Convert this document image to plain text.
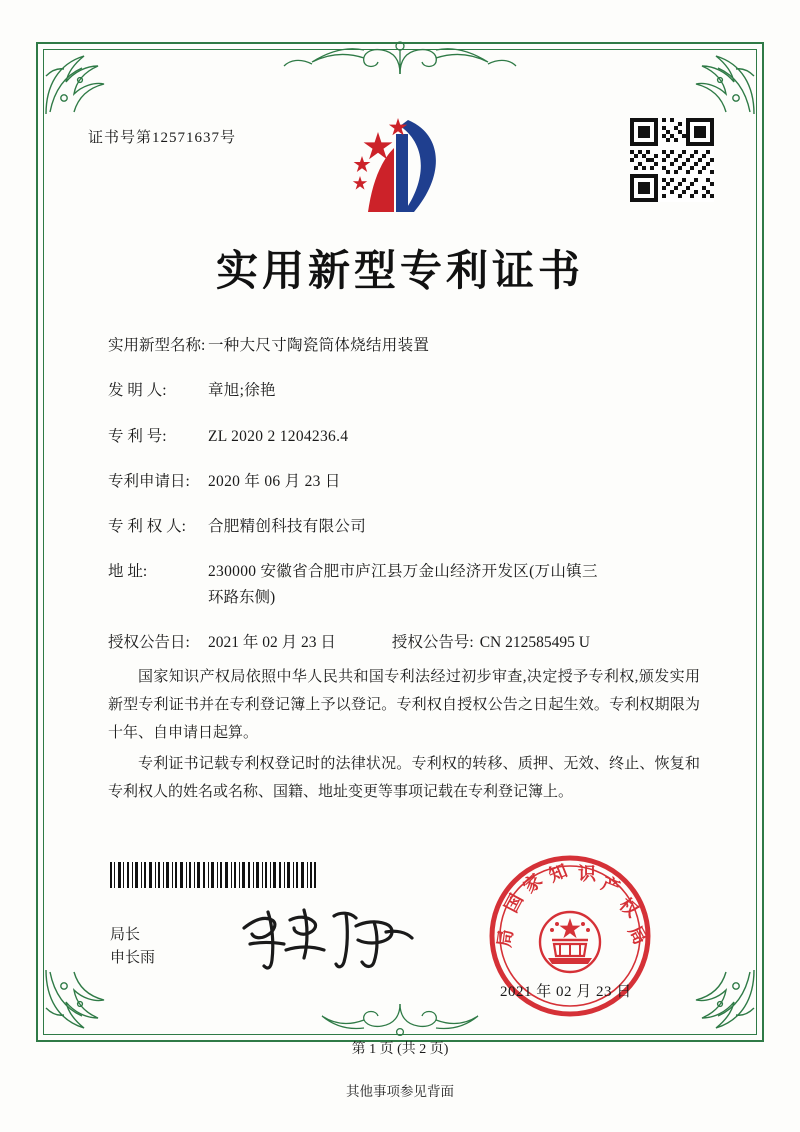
证书号第12571637号
实用新型专利证书
实用新型名称: 一种大尺寸陶瓷筒体烧结用装置
发 明 人:	章旭;徐艳
专 利 号:	ZL 2020 2 1204236.4
专利申请日:	2020 年 06 月 23 日
专 利 权 人:	合肥精创科技有限公司
地 址:	230000 安徽省合肥市庐江县万金山经济开发区(万山镇三
环路东侧)
授权公告日:	2021 年 02 月 23 日	授权公告号: CN 212585495 U

国家知识产权局依照中华人民共和国专利法经过初步审查,决定授予专利权,颁发实用新型专利证书并在专利登记簿上予以登记。专利权自授权公告之日起生效。专利权期限为十年、自申请日起算。

专利证书记载专利权登记时的法律状况。专利权的转移、质押、无效、终止、恢复和专利权人的姓名或名称、国籍、地址变更等事项记载在专利登记簿上。

局长
申长雨
国
家 知 识 产
权
局
局
2021 年 02 月 23 日
第 1 页 (共 2 页)
其他事项参见背面
